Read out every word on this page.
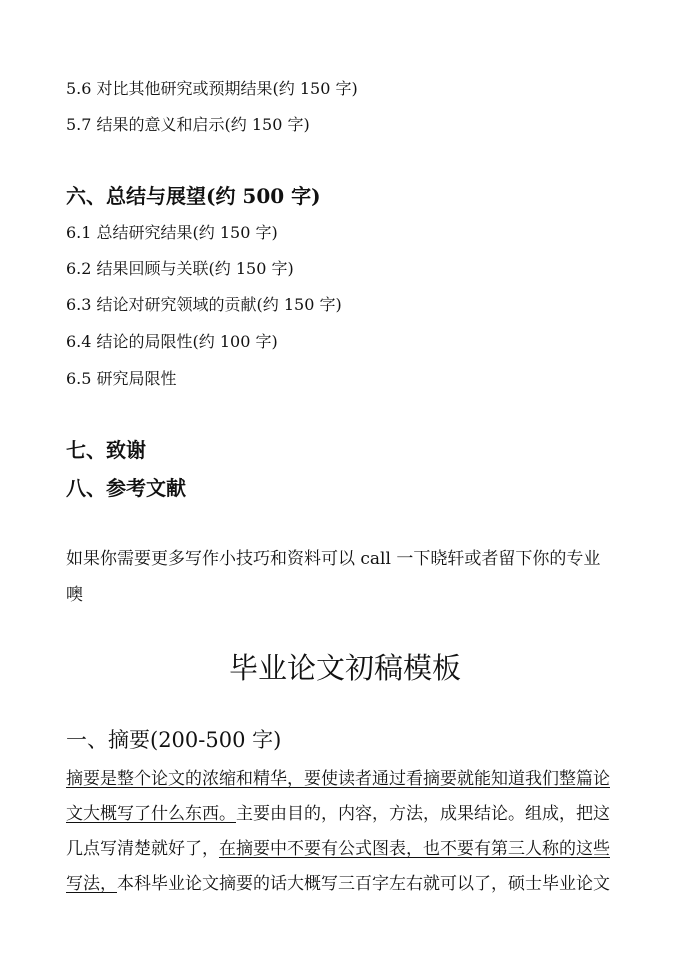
5.6 对比其他研究或预期结果(约 150 字)
5.7 结果的意义和启示(约 150 字)
六、总结与展望(约 500 字)
6.1 总结研究结果(约 150 字)
6.2 结果回顾与关联(约 150 字)
6.3 结论对研究领域的贡献(约 150 字)
6.4 结论的局限性(约 100 字)
6.5 研究局限性
七、致谢
八、参考文献
如果你需要更多写作小技巧和资料可以 call 一下晓轩或者留下你的专业
噢
毕业论文初稿模板
一、摘要(200-500 字)
摘要是整个论文的浓缩和精华，要使读者通过看摘要就能知道我们整篇论
文大概写了什么东西。主要由目的，内容，方法，成果结论。组成，把这
几点写清楚就好了，在摘要中不要有公式图表，也不要有第三人称的这些
写法，本科毕业论文摘要的话大概写三百字左右就可以了，硕士毕业论文
